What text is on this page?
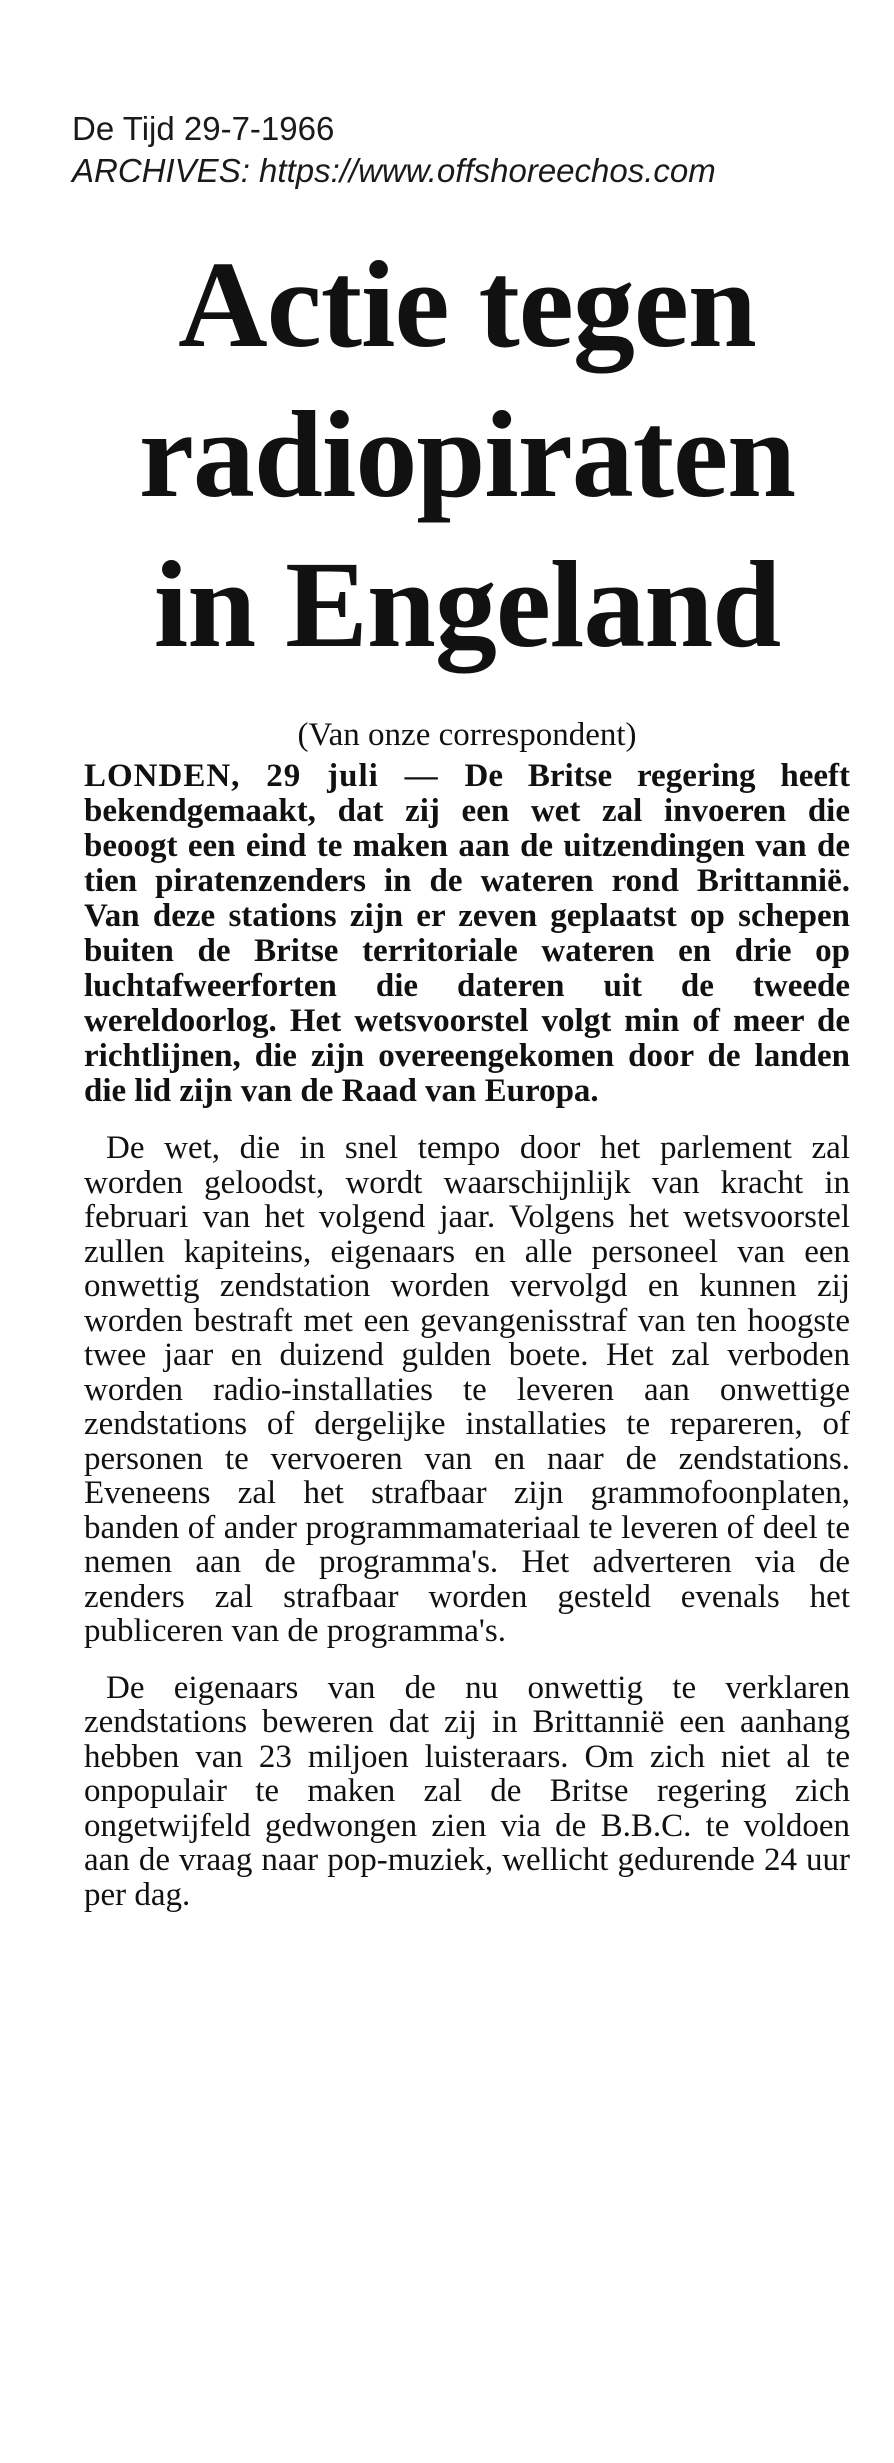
De Tijd 29-7-1966
ARCHIVES: https://www.offshoreechos.com
Actie tegen
radiopiraten
in Engeland
(Van onze correspondent)

LONDEN, 29 juli — De Britse regering heeft bekendgemaakt, dat zij een wet zal invoeren die beoogt een eind te maken aan de uitzendingen van de tien piratenzenders in de wateren rond Brittannië. Van deze stations zijn er zeven geplaatst op schepen buiten de Britse territoriale wateren en drie op luchtafweerforten die dateren uit de tweede wereldoorlog. Het wetsvoorstel volgt min of meer de richtlijnen, die zijn overeengekomen door de landen die lid zijn van de Raad van Europa.

De wet, die in snel tempo door het parlement zal worden geloodst, wordt waarschijnlijk van kracht in februari van het volgend jaar. Volgens het wetsvoorstel zullen kapiteins, eigenaars en alle personeel van een onwettig zendstation worden vervolgd en kunnen zij worden bestraft met een gevangenisstraf van ten hoogste twee jaar en duizend gulden boete. Het zal verboden worden radio-installaties te leveren aan onwettige zendstations of dergelijke installaties te repareren, of personen te vervoeren van en naar de zendstations. Eveneens zal het strafbaar zijn grammofoonplaten, banden of ander programmamateriaal te leveren of deel te nemen aan de programma's. Het adverteren via de zenders zal strafbaar worden gesteld evenals het publiceren van de programma's.

De eigenaars van de nu onwettig te verklaren zendstations beweren dat zij in Brittannië een aanhang hebben van 23 miljoen luisteraars. Om zich niet al te onpopulair te maken zal de Britse regering zich ongetwijfeld gedwongen zien via de B.B.C. te voldoen aan de vraag naar pop-muziek, wellicht gedurende 24 uur per dag.
